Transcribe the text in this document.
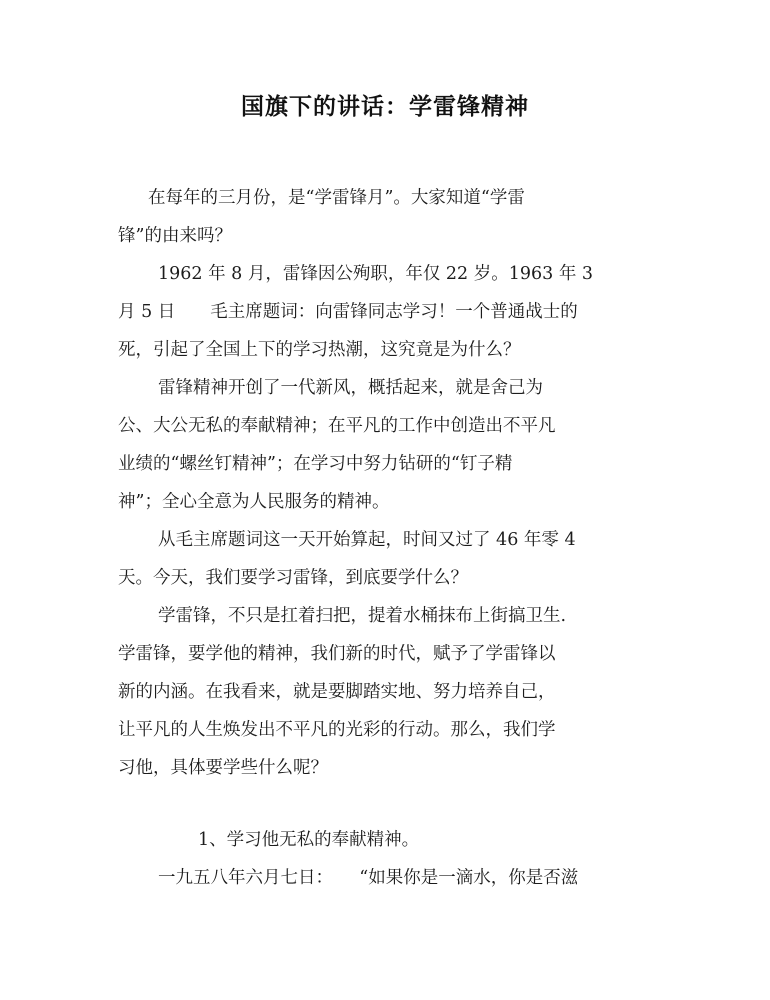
国旗下的讲话：学雷锋精神
在每年的三月份，是“学雷锋月”。大家知道“学雷
锋”的由来吗？
1962 年 8 月，雷锋因公殉职，年仅 22 岁。1963 年 3
月 5 日　　毛主席题词：向雷锋同志学习！一个普通战士的
死，引起了全国上下的学习热潮，这究竟是为什么？
雷锋精神开创了一代新风，概括起来，就是舍己为
公、大公无私的奉献精神；在平凡的工作中创造出不平凡
业绩的“螺丝钉精神”；在学习中努力钻研的“钉子精
神”；全心全意为人民服务的精神。
从毛主席题词这一天开始算起，时间又过了 46 年零 4
天。今天，我们要学习雷锋，到底要学什么？
学雷锋，不只是扛着扫把，提着水桶抹布上街搞卫生.
学雷锋，要学他的精神，我们新的时代，赋予了学雷锋以
新的内涵。在我看来，就是要脚踏实地、努力培养自己，
让平凡的人生焕发出不平凡的光彩的行动。那么，我们学
习他，具体要学些什么呢？
1、学习他无私的奉献精神。
一九五八年六月七日：　　“如果你是一滴水，你是否滋
